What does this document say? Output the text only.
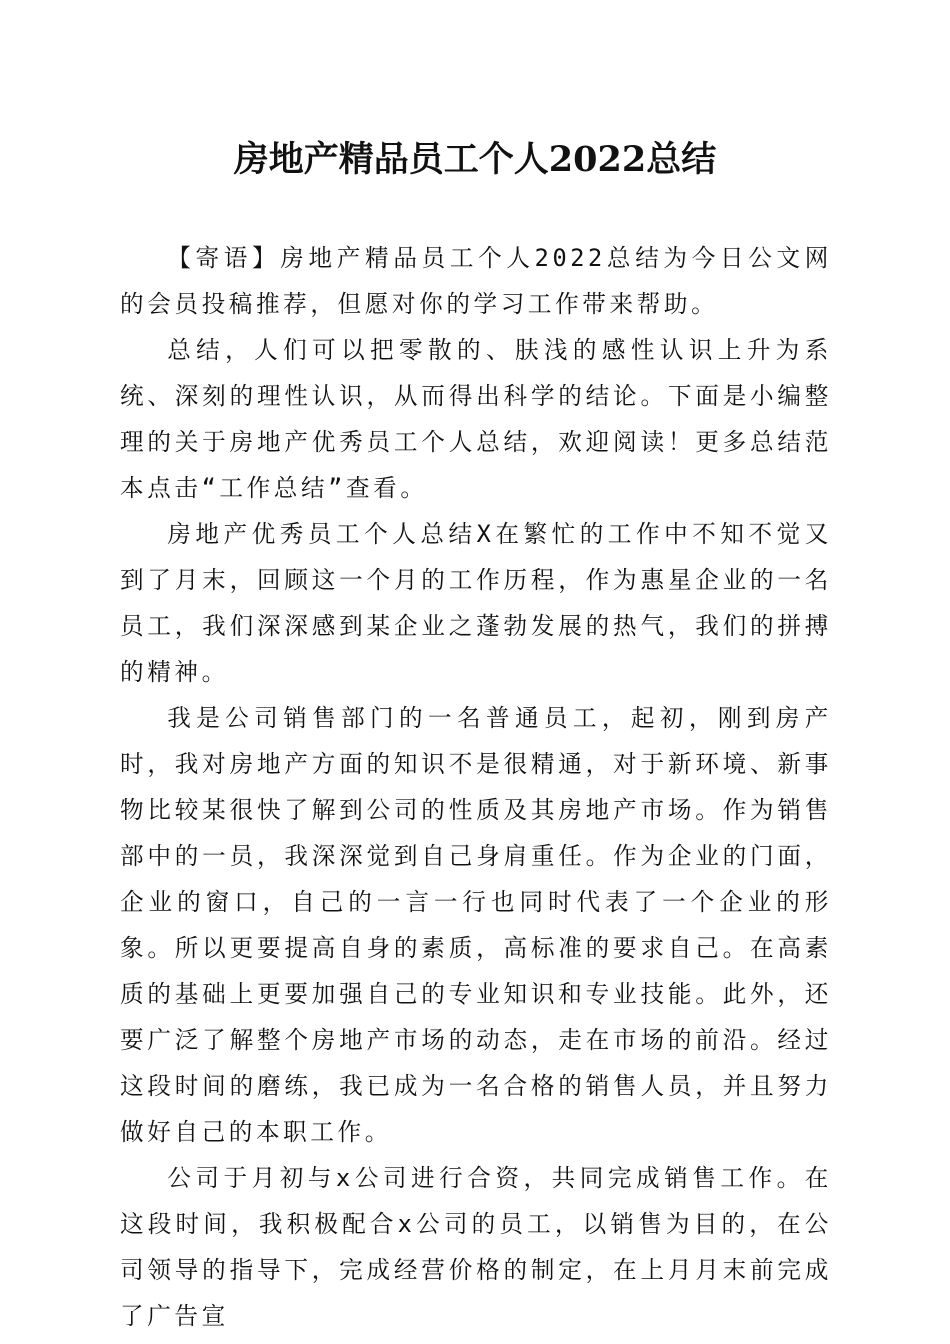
房地产精品员工个人2022总结

【寄语】房地产精品员工个人2022总结为今日公文网的会员投稿推荐，但愿对你的学习工作带来帮助。

总结，人们可以把零散的、肤浅的感性认识上升为系统、深刻的理性认识，从而得出科学的结论。下面是小编整理的关于房地产优秀员工个人总结，欢迎阅读！更多总结范本点击“工作总结”查看。

房地产优秀员工个人总结X在繁忙的工作中不知不觉又到了月末，回顾这一个月的工作历程，作为惠星企业的一名员工，我们深深感到某企业之蓬勃发展的热气，我们的拼搏的精神。

我是公司销售部门的一名普通员工，起初，刚到房产时，我对房地产方面的知识不是很精通，对于新环境、新事物比较某很快了解到公司的性质及其房地产市场。作为销售部中的一员，我深深觉到自己身肩重任。作为企业的门面，企业的窗口，自己的一言一行也同时代表了一个企业的形象。所以更要提高自身的素质，高标准的要求自己。在高素质的基础上更要加强自己的专业知识和专业技能。此外，还要广泛了解整个房地产市场的动态，走在市场的前沿。经过这段时间的磨练，我已成为一名合格的销售人员，并且努力做好自己的本职工作。

公司于月初与x公司进行合资，共同完成销售工作。在这段时间，我积极配合x公司的员工，以销售为目的，在公司领导的指导下，完成经营价格的制定，在上月月末前完成了广告宣
